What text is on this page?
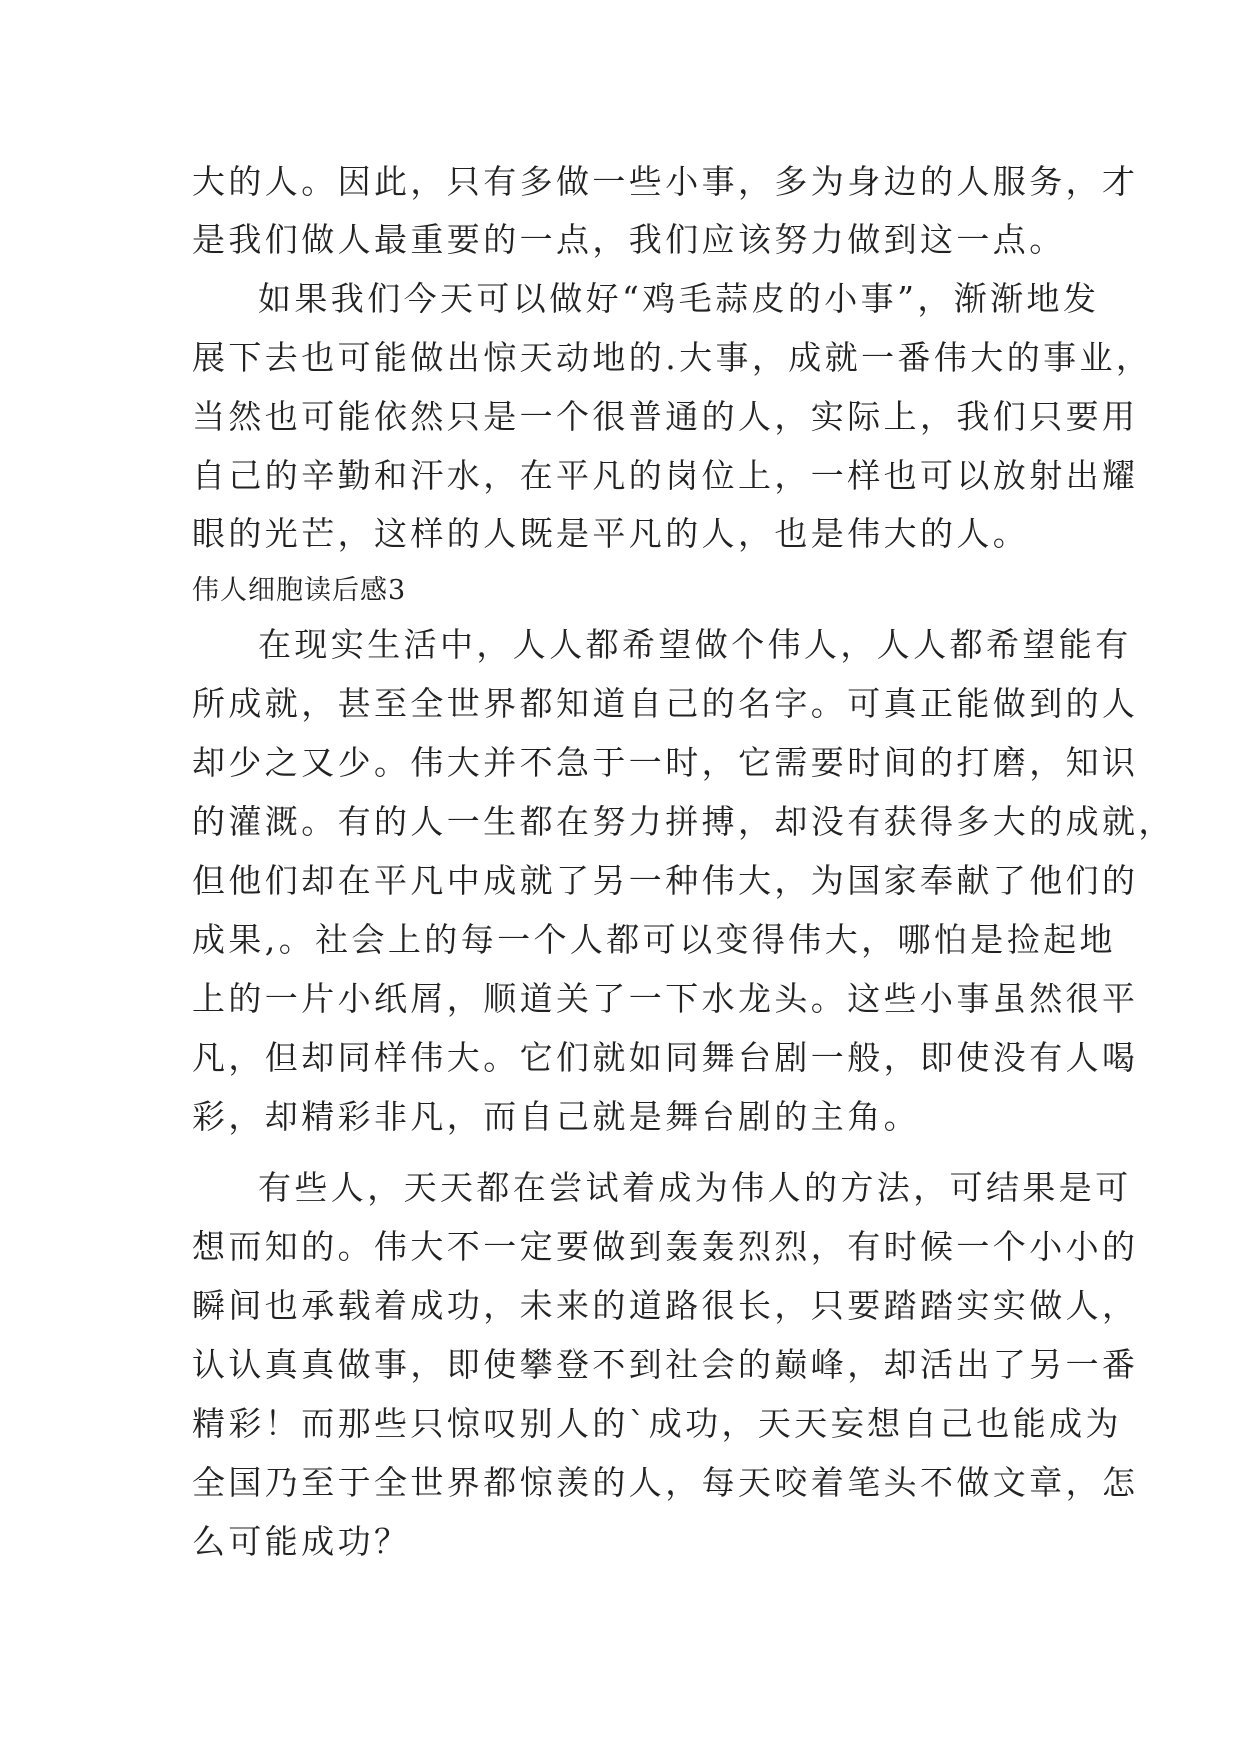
大的人。因此，只有多做一些小事，多为身边的人服务，才
是我们做人最重要的一点，我们应该努力做到这一点。
如果我们今天可以做好“鸡毛蒜皮的小事”，渐渐地发
展下去也可能做出惊天动地的.大事，成就一番伟大的事业，
当然也可能依然只是一个很普通的人，实际上，我们只要用
自己的辛勤和汗水，在平凡的岗位上，一样也可以放射出耀
眼的光芒，这样的人既是平凡的人，也是伟大的人。
伟人细胞读后感3
在现实生活中，人人都希望做个伟人，人人都希望能有
所成就，甚至全世界都知道自己的名字。可真正能做到的人
却少之又少。伟大并不急于一时，它需要时间的打磨，知识
的灌溉。有的人一生都在努力拼搏，却没有获得多大的成就，
但他们却在平凡中成就了另一种伟大，为国家奉献了他们的
成果,。社会上的每一个人都可以变得伟大，哪怕是捡起地
上的一片小纸屑，顺道关了一下水龙头。这些小事虽然很平
凡，但却同样伟大。它们就如同舞台剧一般，即使没有人喝
彩，却精彩非凡，而自己就是舞台剧的主角。
有些人，天天都在尝试着成为伟人的方法，可结果是可
想而知的。伟大不一定要做到轰轰烈烈，有时候一个小小的
瞬间也承载着成功，未来的道路很长，只要踏踏实实做人，
认认真真做事，即使攀登不到社会的巅峰，却活出了另一番
精彩！而那些只惊叹别人的`成功，天天妄想自己也能成为
全国乃至于全世界都惊羡的人，每天咬着笔头不做文章，怎
么可能成功？
